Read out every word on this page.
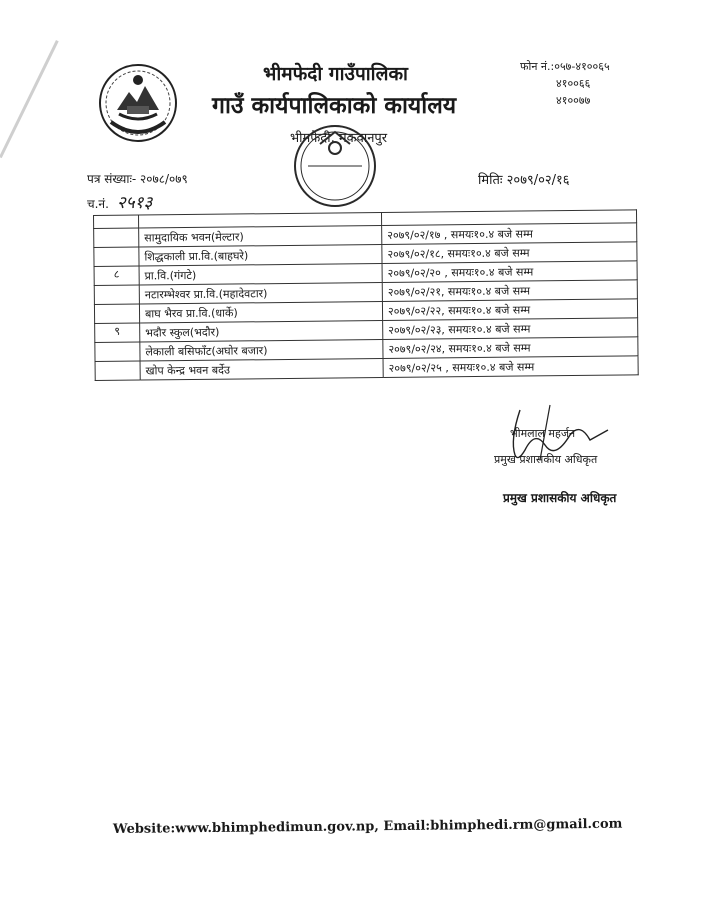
भीमफेदी गाउँपालिका
गाउँ कार्यपालिकाको कार्यालय
भीमफेदी, मकवानपुर
फोन नं.:०५७-४१००६५
४१००६६
४१००७७
पत्र संख्याः- २०७८/०७९
च.नं. २५१३
मितिः २०७९/०२/१६

	सामुदायिक भवन(मेल्टार)	२०७९/०२/१७ , समयः१०.४ बजे सम्म
	शिद्धकाली प्रा.वि.(बाहघरे)	२०७९/०२/१८, समयः१०.४ बजे सम्म
८	प्रा.वि.(गंगटे)	२०७९/०२/२० , समयः१०.४ बजे सम्म
	नटारम्भेश्वर प्रा.वि.(महादेवटार)	२०७९/०२/२१, समयः१०.४ बजे सम्म
	बाघ भैरव प्रा.वि.(धार्के)	२०७९/०२/२२, समयः१०.४ बजे सम्म
९	भदौर स्कुल(भदौर)	२०७९/०२/२३, समयः१०.४ बजे सम्म
	लेकाली बसिफाँट(अघोर बजार)	२०७९/०२/२४, समयः१०.४ बजे सम्म
	खोप केन्द्र भवन बर्देउ	२०७९/०२/२५ , समयः१०.४ बजे सम्म
भीमलाल महर्जन
प्रमुख प्रशासकीय अधिकृत
प्रमुख प्रशासकीय अधिकृत
Website:www.bhimphedimun.gov.np, Email:bhimphedi.rm@gmail.com
